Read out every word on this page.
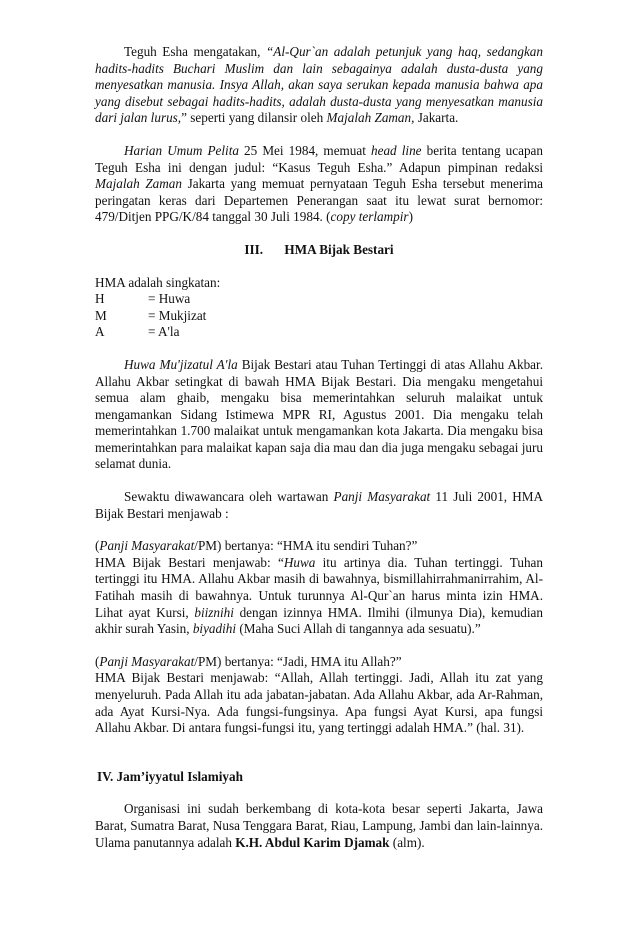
Teguh Esha mengatakan, “Al-Qur`an adalah petunjuk yang haq, sedangkan hadits-hadits Buchari Muslim dan lain sebagainya adalah dusta-dusta yang menyesatkan manusia. Insya Allah, akan saya serukan kepada manusia bahwa apa yang disebut sebagai hadits-hadits, adalah dusta-dusta yang menyesatkan manusia dari jalan lurus,” seperti yang dilansir oleh Majalah Zaman, Jakarta.

Harian Umum Pelita 25 Mei 1984, memuat head line berita tentang ucapan Teguh Esha ini dengan judul: “Kasus Teguh Esha.” Adapun pimpinan redaksi Majalah Zaman Jakarta yang memuat pernyataan Teguh Esha tersebut menerima peringatan keras dari Departemen Penerangan saat itu lewat surat bernomor: 479/Ditjen PPG/K/84 tanggal 30 Juli 1984. (copy terlampir)

III. HMA Bijak Bestari

HMA adalah singkatan:

H	= Huwa
M	= Mukjizat
A	= A'la

Huwa Mu'jizatul A'la Bijak Bestari atau Tuhan Tertinggi di atas Allahu Akbar. Allahu Akbar setingkat di bawah HMA Bijak Bestari. Dia mengaku mengetahui semua alam ghaib, mengaku bisa memerintahkan seluruh malaikat untuk mengamankan Sidang Istimewa MPR RI, Agustus 2001. Dia mengaku telah memerintahkan 1.700 malaikat untuk mengamankan kota Jakarta. Dia mengaku bisa memerintahkan para malaikat kapan saja dia mau dan dia juga mengaku sebagai juru selamat dunia.

Sewaktu diwawancara oleh wartawan Panji Masyarakat 11 Juli 2001, HMA Bijak Bestari menjawab :

(Panji Masyarakat/PM) bertanya: “HMA itu sendiri Tuhan?”

HMA Bijak Bestari menjawab: “Huwa itu artinya dia. Tuhan tertinggi. Tuhan tertinggi itu HMA. Allahu Akbar masih di bawahnya, bismillahirrahmanirrahim, Al-Fatihah masih di bawahnya. Untuk turunnya Al-Qur`an harus minta izin HMA. Lihat ayat Kursi, biiznihi dengan izinnya HMA. Ilmihi (ilmunya Dia), kemudian akhir surah Yasin, biyadihi (Maha Suci Allah di tangannya ada sesuatu).”

(Panji Masyarakat/PM) bertanya: “Jadi, HMA itu Allah?”

HMA Bijak Bestari menjawab: “Allah, Allah tertinggi. Jadi, Allah itu zat yang menyeluruh. Pada Allah itu ada jabatan-jabatan. Ada Allahu Akbar, ada Ar-Rahman, ada Ayat Kursi-Nya. Ada fungsi-fungsinya. Apa fungsi Ayat Kursi, apa fungsi Allahu Akbar. Di antara fungsi-fungsi itu, yang tertinggi adalah HMA.” (hal. 31).

IV. Jam’iyyatul Islamiyah

Organisasi ini sudah berkembang di kota-kota besar seperti Jakarta, Jawa Barat, Sumatra Barat, Nusa Tenggara Barat, Riau, Lampung, Jambi dan lain-lainnya. Ulama panutannya adalah K.H. Abdul Karim Djamak (alm).
